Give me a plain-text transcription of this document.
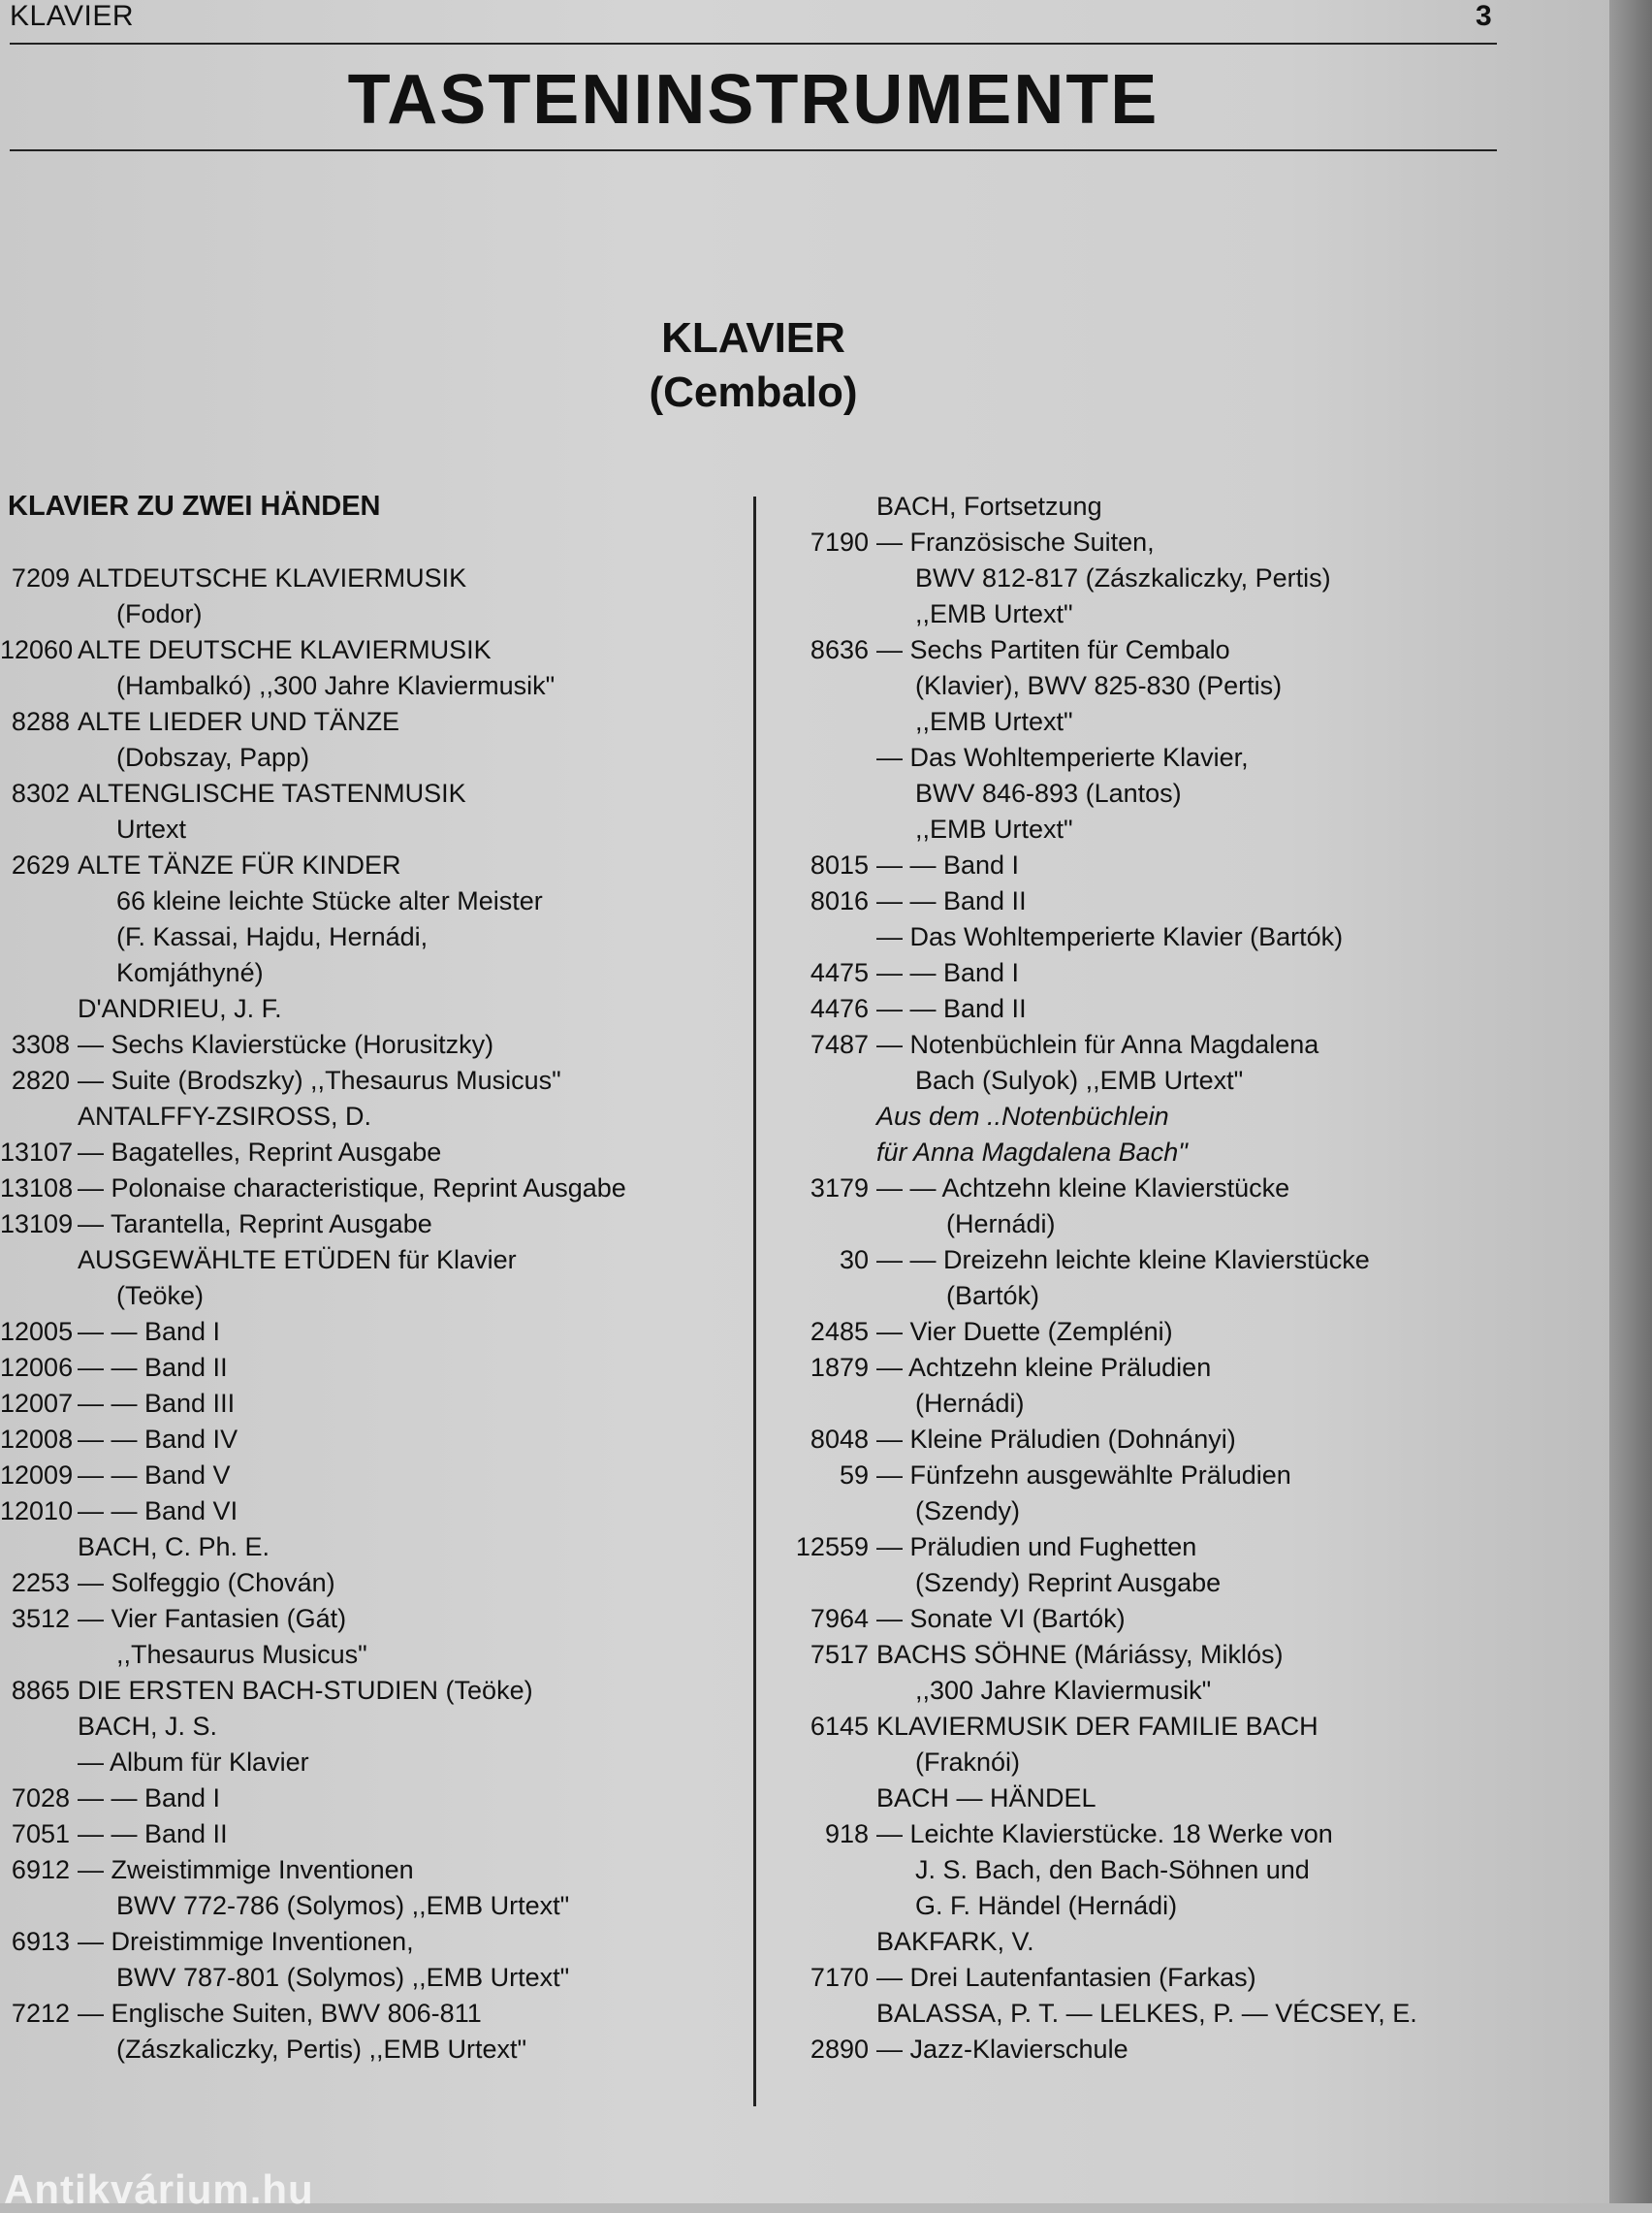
KLAVIER	3
TASTENINSTRUMENTE
KLAVIER
(Cembalo)
KLAVIER ZU ZWEI HÄNDEN
7209 ALTDEUTSCHE KLAVIERMUSIK
(Fodor)
12060 ALTE DEUTSCHE KLAVIERMUSIK
(Hambalkó) ,,300 Jahre Klaviermusik"
8288 ALTE LIEDER UND TÄNZE
(Dobszay, Papp)
8302 ALTENGLISCHE TASTENMUSIK
Urtext
2629 ALTE TÄNZE FÜR KINDER
66 kleine leichte Stücke alter Meister
(F. Kassai, Hajdu, Hernádi,
Komjáthyné)
D'ANDRIEU, J. F.
3308 — Sechs Klavierstücke (Horusitzky)
2820 — Suite (Brodszky) ,,Thesaurus Musicus"
ANTALFFY-ZSIROSS, D.
13107 — Bagatelles, Reprint Ausgabe
13108 — Polonaise characteristique, Reprint Ausgabe
13109 — Tarantella, Reprint Ausgabe
AUSGEWÄHLTE ETÜDEN für Klavier
(Teöke)
12005 — — Band I
12006 — — Band II
12007 — — Band III
12008 — — Band IV
12009 — — Band V
12010 — — Band VI
BACH, C. Ph. E.
2253 — Solfeggio (Chován)
3512 — Vier Fantasien (Gát)
,,Thesaurus Musicus"
8865 DIE ERSTEN BACH-STUDIEN (Teöke)
BACH, J. S.
— Album für Klavier
7028 — — Band I
7051 — — Band II
6912 — Zweistimmige Inventionen
BWV 772-786 (Solymos) ,,EMB Urtext"
6913 — Dreistimmige Inventionen,
BWV 787-801 (Solymos) ,,EMB Urtext"
7212 — Englische Suiten, BWV 806-811
(Zászkaliczky, Pertis) ,,EMB Urtext"
BACH, Fortsetzung
7190 — Französische Suiten,
BWV 812-817 (Zászkaliczky, Pertis)
,,EMB Urtext"
8636 — Sechs Partiten für Cembalo
(Klavier), BWV 825-830 (Pertis)
,,EMB Urtext"
— Das Wohltemperierte Klavier,
BWV 846-893 (Lantos)
,,EMB Urtext"
8015 — — Band I
8016 — — Band II
— Das Wohltemperierte Klavier (Bartók)
4475 — — Band I
4476 — — Band II
7487 — Notenbüchlein für Anna Magdalena
Bach (Sulyok) ,,EMB Urtext"
Aus dem ..Notenbüchlein
für Anna Magdalena Bach"
3179 — — Achtzehn kleine Klavierstücke
(Hernádi)
30 — — Dreizehn leichte kleine Klavierstücke
(Bartók)
2485 — Vier Duette (Zempléni)
1879 — Achtzehn kleine Präludien
(Hernádi)
8048 — Kleine Präludien (Dohnányi)
59 — Fünfzehn ausgewählte Präludien
(Szendy)
12559 — Präludien und Fughetten
(Szendy) Reprint Ausgabe
7964 — Sonate VI (Bartók)
7517 BACHS SÖHNE (Máriássy, Miklós)
,,300 Jahre Klaviermusik"
6145 KLAVIERMUSIK DER FAMILIE BACH
(Fraknói)
BACH — HÄNDEL
918 — Leichte Klavierstücke. 18 Werke von
J. S. Bach, den Bach-Söhnen und
G. F. Händel (Hernádi)
BAKFARK, V.
7170 — Drei Lautenfantasien (Farkas)
BALASSA, P. T. — LELKES, P. — VÉCSEY, E.
2890 — Jazz-Klavierschule
Antikvárium.hu
